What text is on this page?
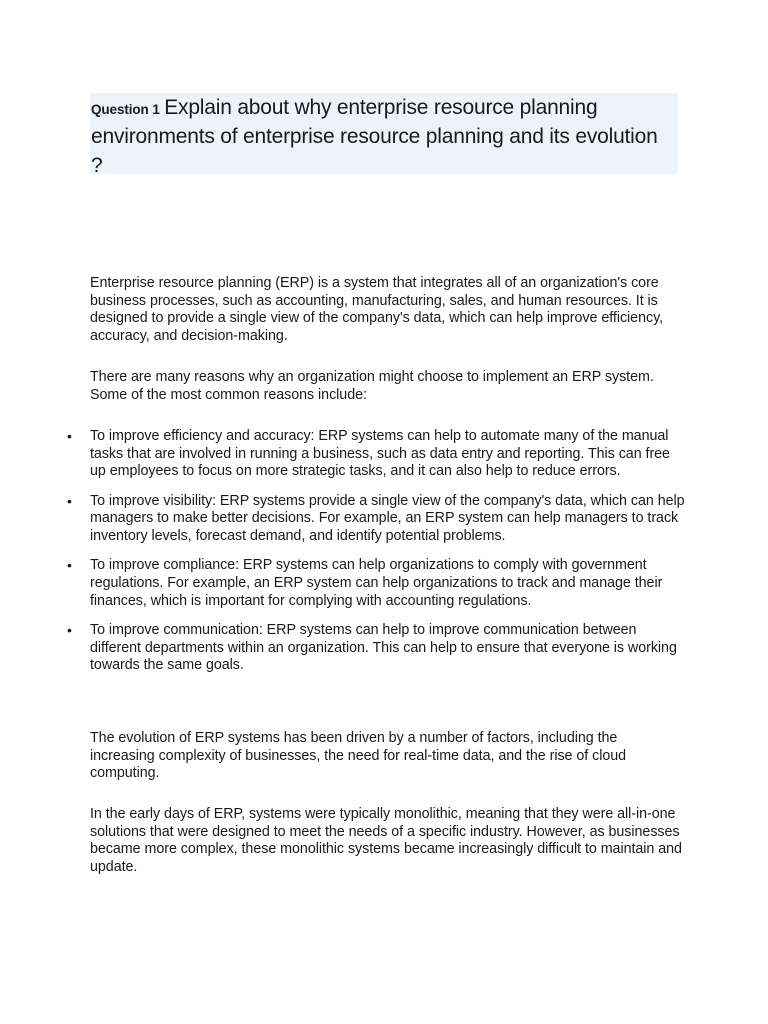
Question 1 Explain about why enterprise resource planning environments of enterprise resource planning and its evolution ?

Enterprise resource planning (ERP) is a system that integrates all of an organization's core business processes, such as accounting, manufacturing, sales, and human resources. It is designed to provide a single view of the company's data, which can help improve efficiency, accuracy, and decision-making.

There are many reasons why an organization might choose to implement an ERP system. Some of the most common reasons include:

• To improve efficiency and accuracy: ERP systems can help to automate many of the manual tasks that are involved in running a business, such as data entry and reporting. This can free up employees to focus on more strategic tasks, and it can also help to reduce errors.
• To improve visibility: ERP systems provide a single view of the company's data, which can help managers to make better decisions. For example, an ERP system can help managers to track inventory levels, forecast demand, and identify potential problems.
• To improve compliance: ERP systems can help organizations to comply with government regulations. For example, an ERP system can help organizations to track and manage their finances, which is important for complying with accounting regulations.
• To improve communication: ERP systems can help to improve communication between different departments within an organization. This can help to ensure that everyone is working towards the same goals.

The evolution of ERP systems has been driven by a number of factors, including the increasing complexity of businesses, the need for real-time data, and the rise of cloud computing.

In the early days of ERP, systems were typically monolithic, meaning that they were all-in-one solutions that were designed to meet the needs of a specific industry. However, as businesses became more complex, these monolithic systems became increasingly difficult to maintain and update.
